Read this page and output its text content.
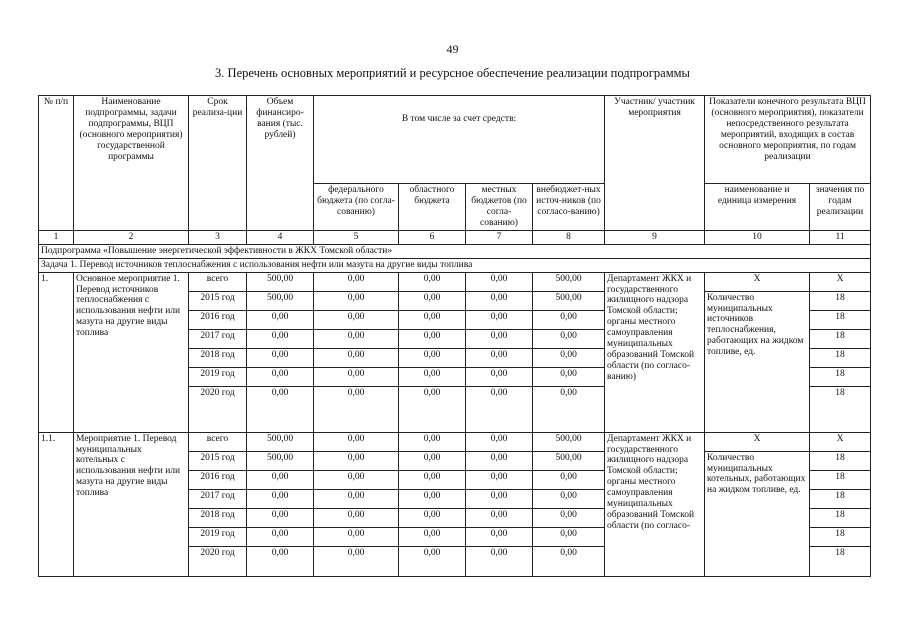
49
3. Перечень основных мероприятий и ресурсное обеспечение реализации подпрограммы
№ п/п	Наименование подпрограммы, задачи подпрограммы, ВЦП (основного мероприятия) государственной программы	Срок реализа-ции	Объем финансиро-вания (тыс. рублей)	В том числе за счет средств:				Участник/ участник мероприятия	Показатели конечного результата ВЦП (основного мероприятия), показатели непосредственного результата мероприятий, входящих в состав основного мероприятия, по годам реализации	
				федерального бюджета (по согла-сованию)	областного бюджета	местных бюджетов (по согла-сованию)	внебюджет-ных источ-ников (по согласо-ванию)		наименование и единица измерения	значения по годам реализации
1	2	3	4	5	6	7	8	9	10	11
Подпрограмма «Повышение энергетической эффективности в ЖКХ Томской области»										
Задача 1. Перевод источников теплоснабжения с использования нефти или мазута на другие виды топлива										
1.	Основное мероприятие 1. Перевод источников теплоснабжения с использования нефти или мазута на другие виды топлива	всего	500,00	0,00	0,00	0,00	500,00	Департамент ЖКХ и государственного жилищного надзора Томской области; органы местного самоуправления муниципальных образований Томской области (по согласо-ванию)	X	X
		2015 год	500,00	0,00	0,00	0,00	500,00		Количество муниципальных источников теплоснабжения, работающих на жидком топливе, ед.	18
		2016 год	0,00	0,00	0,00	0,00	0,00			18
		2017 год	0,00	0,00	0,00	0,00	0,00			18
		2018 год	0,00	0,00	0,00	0,00	0,00			18
		2019 год	0,00	0,00	0,00	0,00	0,00			18
		2020 год	0,00	0,00	0,00	0,00	0,00			18
1.1.	Мероприятие 1. Перевод муниципальных котельных с использования нефти или мазута на другие виды топлива	всего	500,00	0,00	0,00	0,00	500,00	Департамент ЖКХ и государственного жилищного надзора Томской области; органы местного самоуправления муниципальных образований Томской области (по согласо-	X	X
		2015 год	500,00	0,00	0,00	0,00	500,00		Количество муниципальных котельных, работающих на жидком топливе, ед.	18
		2016 год	0,00	0,00	0,00	0,00	0,00			18
		2017 год	0,00	0,00	0,00	0,00	0,00			18
		2018 год	0,00	0,00	0,00	0,00	0,00			18
		2019 год	0,00	0,00	0,00	0,00	0,00			18
		2020 год	0,00	0,00	0,00	0,00	0,00			18
